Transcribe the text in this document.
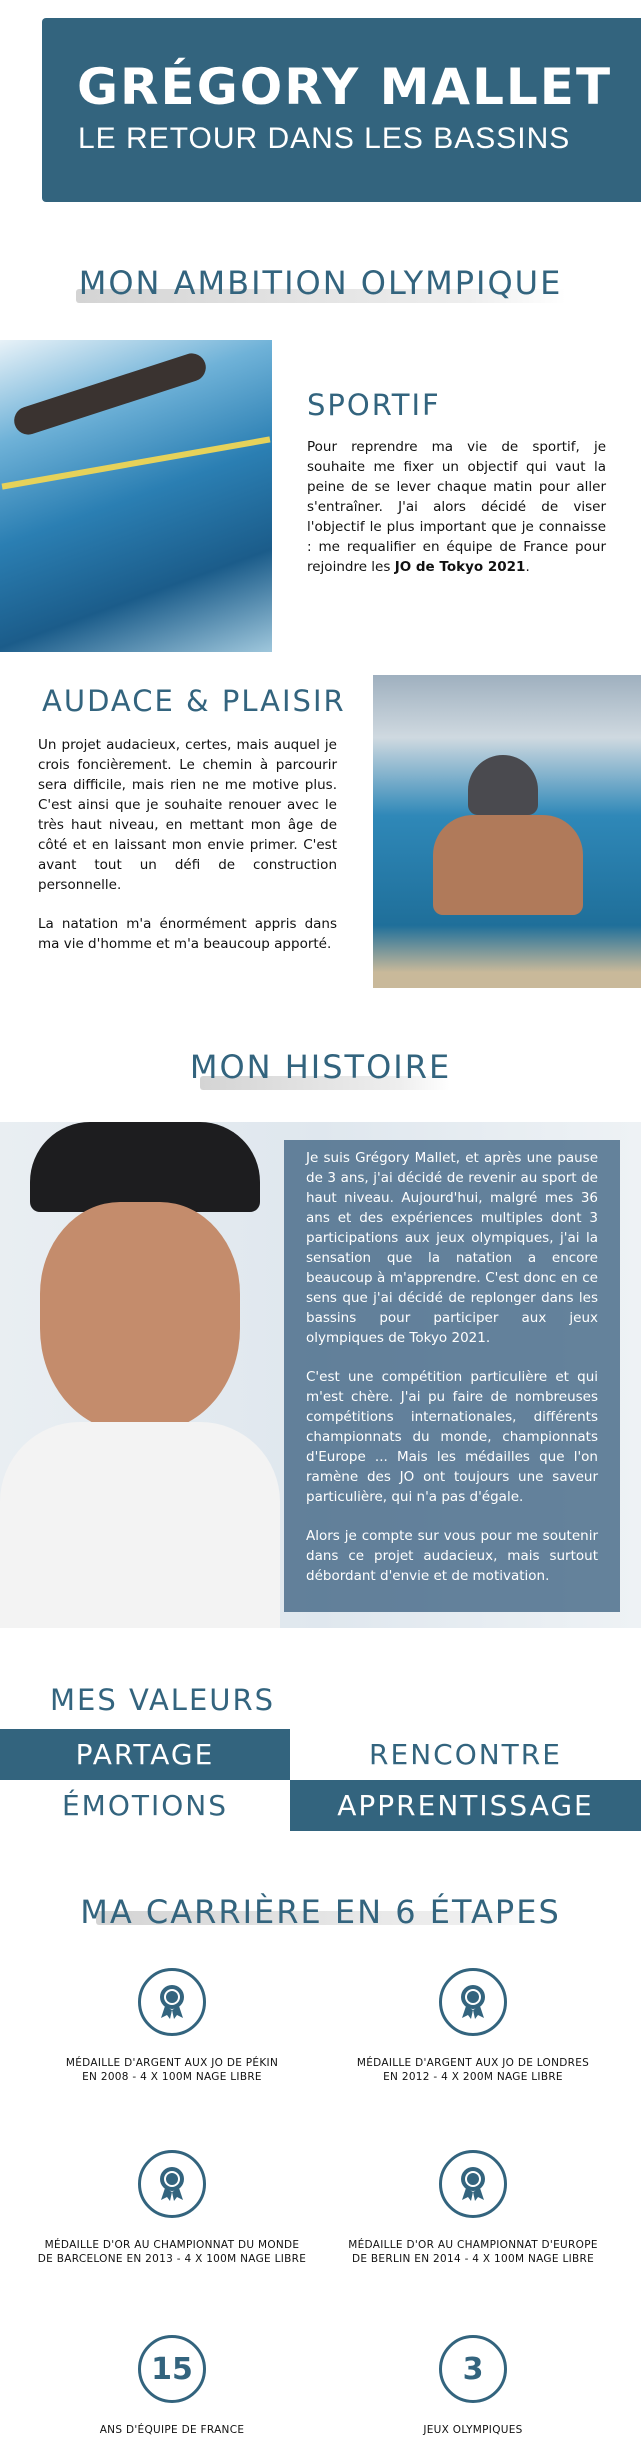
GRÉGORY MALLET
LE RETOUR DANS LES BASSINS
MON AMBITION OLYMPIQUE
SPORTIF

Pour reprendre ma vie de sportif, je souhaite me fixer un objectif qui vaut la peine de se lever chaque matin pour aller s'entraîner. J'ai alors décidé de viser l'objectif le plus important que je connaisse : me requalifier en équipe de France pour rejoindre les JO de Tokyo 2021.

AUDACE & PLAISIR

Un projet audacieux, certes, mais auquel je crois foncièrement. Le chemin à parcourir sera difficile, mais rien ne me motive plus. C'est ainsi que je souhaite renouer avec le très haut niveau, en mettant mon âge de côté et en laissant mon envie primer. C'est avant tout un défi de construction personnelle.

La natation m'a énormément appris dans ma vie d'homme et m'a beaucoup apporté.

MON HISTOIRE

Je suis Grégory Mallet, et après une pause de 3 ans, j'ai décidé de revenir au sport de haut niveau. Aujourd'hui, malgré mes 36 ans et des expériences multiples dont 3 participations aux jeux olympiques, j'ai la sensation que la natation a encore beaucoup à m'apprendre. C'est donc en ce sens que j'ai décidé de replonger dans les bassins pour participer aux jeux olympiques de Tokyo 2021.

C'est une compétition particulière et qui m'est chère. J'ai pu faire de nombreuses compétitions internationales, différents championnats du monde, championnats d'Europe ... Mais les médailles que l'on ramène des JO ont toujours une saveur particulière, qui n'a pas d'égale.

Alors je compte sur vous pour me soutenir dans ce projet audacieux, mais surtout débordant d'envie et de motivation.

MES VALEURS
PARTAGE	RENCONTRE
ÉMOTIONS	APPRENTISSAGE
MA CARRIÈRE EN 6 ÉTAPES
MÉDAILLE D'ARGENT AUX JO DE PÉKIN
EN 2008 - 4 X 100M NAGE LIBRE
MÉDAILLE D'ARGENT AUX JO DE LONDRES
EN 2012 - 4 X 200M NAGE LIBRE
MÉDAILLE D'OR AU CHAMPIONNAT DU MONDE
DE BARCELONE EN 2013 - 4 X 100M NAGE LIBRE
MÉDAILLE D'OR AU CHAMPIONNAT D'EUROPE
DE BERLIN EN 2014 - 4 X 100M NAGE LIBRE
15
ANS D'ÉQUIPE DE FRANCE
3
JEUX OLYMPIQUES
